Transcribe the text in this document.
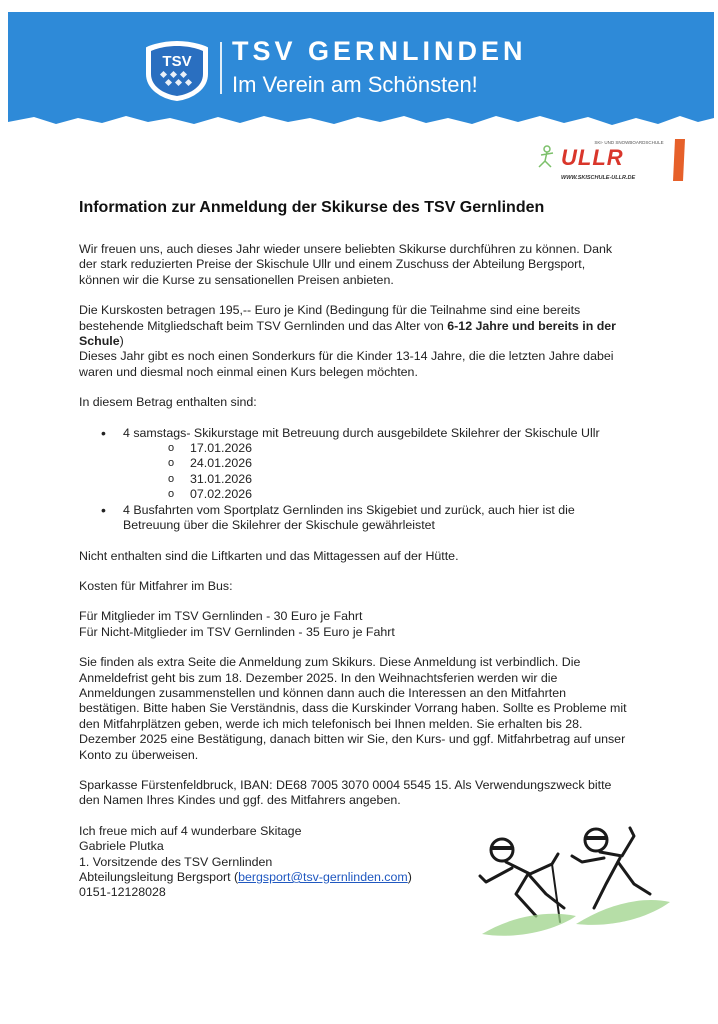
TSV TSV GERNLINDEN
Im Verein am Schönsten!
SKI- UND SNOWBOARDSCHULE
ULLR
WWW.SKISCHULE-ULLR.DE
Information zur Anmeldung der Skikurse des TSV Gernlinden

Wir freuen uns, auch dieses Jahr wieder unsere beliebten Skikurse durchführen zu können. Dank der stark reduzierten Preise der Skischule Ullr und einem Zuschuss der Abteilung Bergsport, können wir die Kurse zu sensationellen Preisen anbieten.

Die Kurskosten betragen 195,-- Euro je Kind (Bedingung für die Teilnahme sind eine bereits bestehende Mitgliedschaft beim TSV Gernlinden und das Alter von 6-12 Jahre und bereits in der Schule)

Dieses Jahr gibt es noch einen Sonderkurs für die Kinder 13-14 Jahre, die die letzten Jahre dabei waren und diesmal noch einmal einen Kurs belegen möchten.

In diesem Betrag enthalten sind:

• 4 samstags- Skikurstage mit Betreuung durch ausgebildete Skilehrer der Skischule Ullr
o 17.01.2026
o 24.01.2026
o 31.01.2026
o 07.02.2026
• 4 Busfahrten vom Sportplatz Gernlinden ins Skigebiet und zurück, auch hier ist die Betreuung über die Skilehrer der Skischule gewährleistet

Nicht enthalten sind die Liftkarten und das Mittagessen auf der Hütte.

Kosten für Mitfahrer im Bus:

Für Mitglieder im TSV Gernlinden - 30 Euro je Fahrt

Für Nicht-Mitglieder im TSV Gernlinden - 35 Euro je Fahrt

Sie finden als extra Seite die Anmeldung zum Skikurs. Diese Anmeldung ist verbindlich. Die Anmeldefrist geht bis zum 18. Dezember 2025. In den Weihnachtsferien werden wir die Anmeldungen zusammenstellen und können dann auch die Interessen an den Mitfahrten bestätigen. Bitte haben Sie Verständnis, dass die Kurskinder Vorrang haben. Sollte es Probleme mit den Mitfahrplätzen geben, werde ich mich telefonisch bei Ihnen melden. Sie erhalten bis 28. Dezember 2025 eine Bestätigung, danach bitten wir Sie, den Kurs- und ggf. Mitfahrbetrag auf unser Konto zu überweisen.

Sparkasse Fürstenfeldbruck, IBAN: DE68 7005 3070 0004 5545 15. Als Verwendungszweck bitte den Namen Ihres Kindes und ggf. des Mitfahrers angeben.

Ich freue mich auf 4 wunderbare Skitage

Gabriele Plutka

1. Vorsitzende des TSV Gernlinden

Abteilungsleitung Bergsport (bergsport@tsv-gernlinden.com)

0151-12128028
